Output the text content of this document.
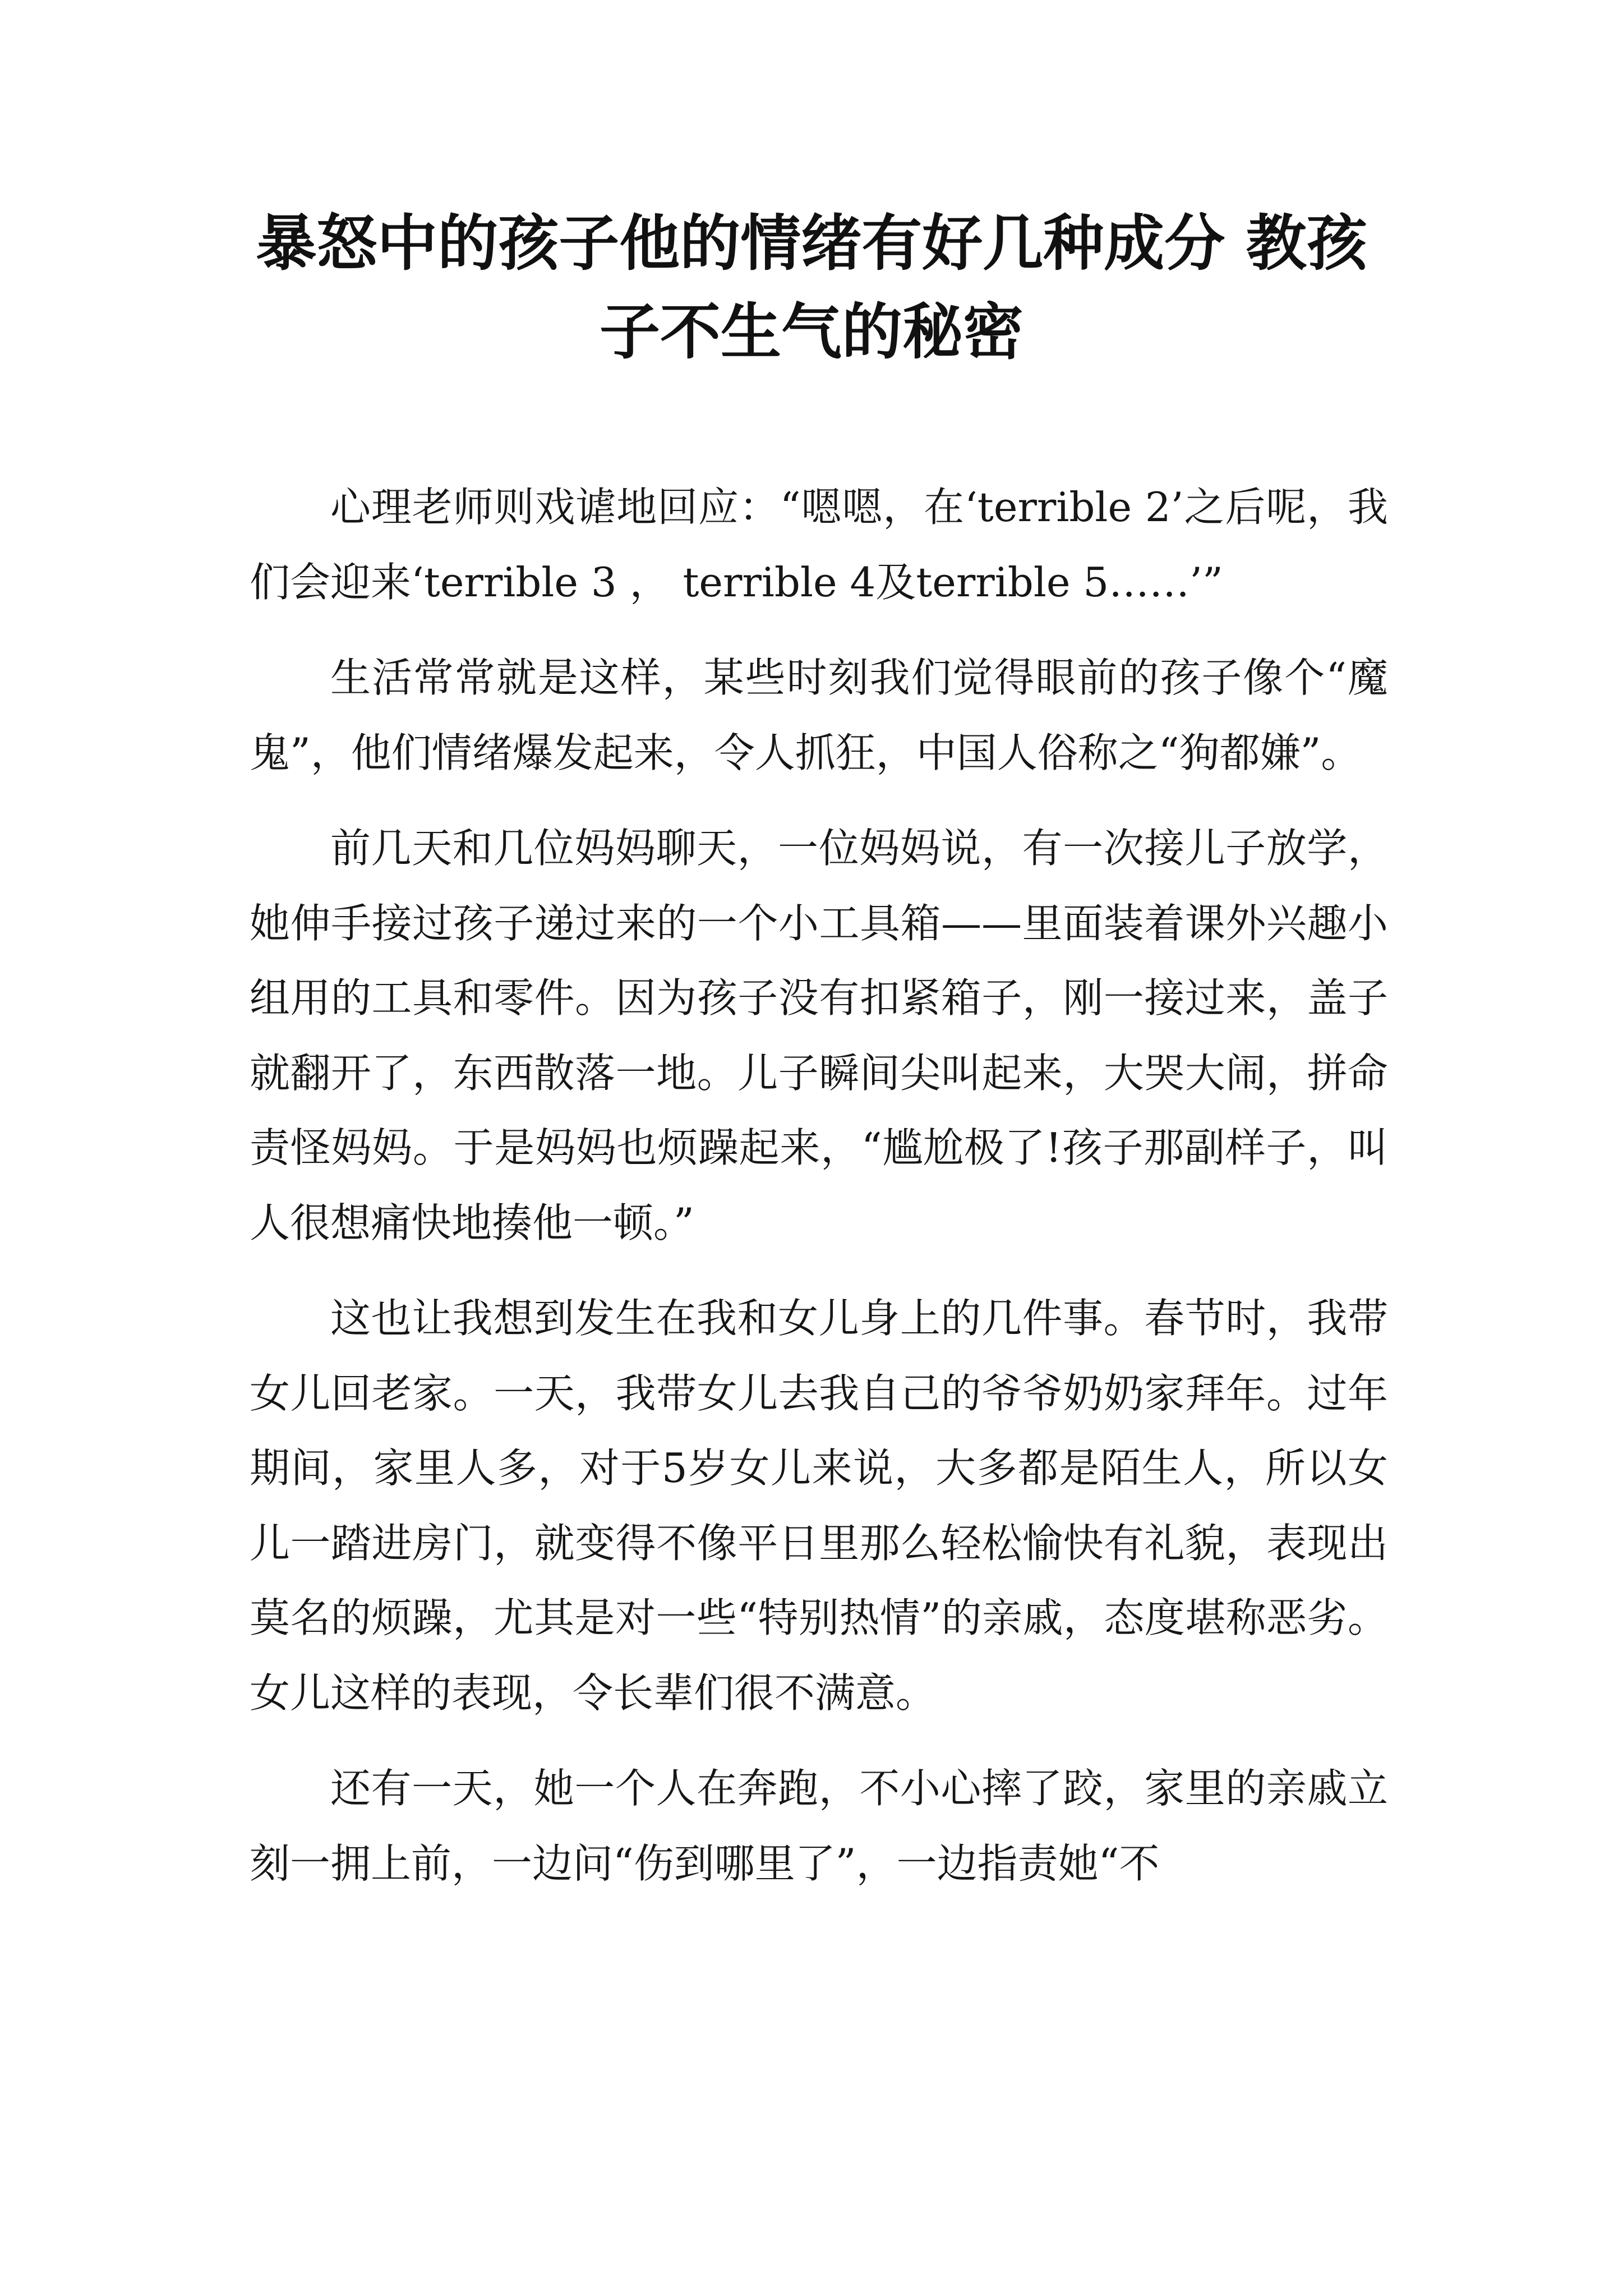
暴怒中的孩子他的情绪有好几种成分 教孩
子不生气的秘密

心理老师则戏谑地回应：“嗯嗯，在‘terrible 2’之后呢，我们会迎来‘terrible 3 ， terrible 4及terrible 5……’”

生活常常就是这样，某些时刻我们觉得眼前的孩子像个“魔鬼”，他们情绪爆发起来，令人抓狂，中国人俗称之“狗都嫌”。

前几天和几位妈妈聊天，一位妈妈说，有一次接儿子放学，她伸手接过孩子递过来的一个小工具箱——里面装着课外兴趣小组用的工具和零件。因为孩子没有扣紧箱子，刚一接过来，盖子就翻开了，东西散落一地。儿子瞬间尖叫起来，大哭大闹，拼命责怪妈妈。于是妈妈也烦躁起来，“尴尬极了!孩子那副样子，叫人很想痛快地揍他一顿。”

这也让我想到发生在我和女儿身上的几件事。春节时，我带女儿回老家。一天，我带女儿去我自己的爷爷奶奶家拜年。过年期间，家里人多，对于5岁女儿来说，大多都是陌生人，所以女儿一踏进房门，就变得不像平日里那么轻松愉快有礼貌，表现出莫名的烦躁，尤其是对一些“特别热情”的亲戚，态度堪称恶劣。女儿这样的表现，令长辈们很不满意。

还有一天，她一个人在奔跑，不小心摔了跤，家里的亲戚立刻一拥上前，一边问“伤到哪里了”，一边指责她“不
